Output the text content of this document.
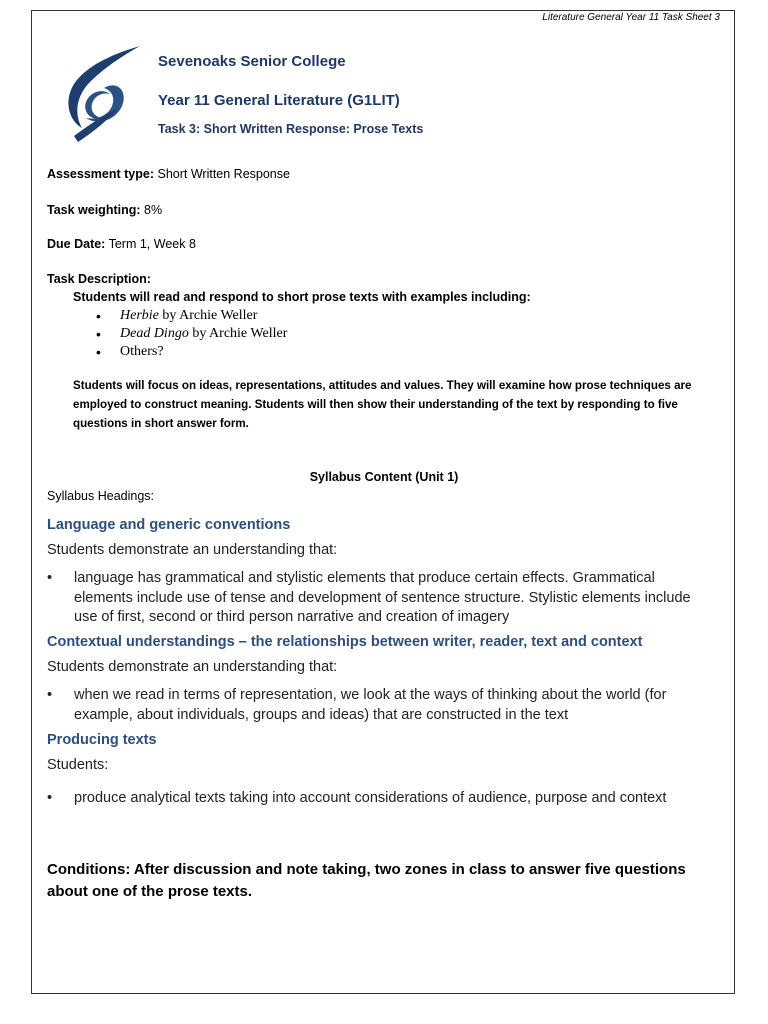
Literature General Year 11 Task Sheet 3
Sevenoaks Senior College
Year 11 General Literature (G1LIT)
Task 3: Short Written Response: Prose Texts
Assessment type: Short Written Response
Task weighting: 8%
Due Date: Term 1, Week 8
Task Description:
Students will read and respond to short prose texts with examples including:
• Herbie by Archie Weller
• Dead Dingo by Archie Weller
• Others?
Students will focus on ideas, representations, attitudes and values. They will examine how prose techniques are employed to construct meaning. Students will then show their understanding of the text by responding to five questions in short answer form.
Syllabus Content (Unit 1)
Syllabus Headings:
Language and generic conventions
Students demonstrate an understanding that:
• language has grammatical and stylistic elements that produce certain effects. Grammatical elements include use of tense and development of sentence structure. Stylistic elements include use of first, second or third person narrative and creation of imagery
Contextual understandings – the relationships between writer, reader, text and context
Students demonstrate an understanding that:
• when we read in terms of representation, we look at the ways of thinking about the world (for example, about individuals, groups and ideas) that are constructed in the text
Producing texts
Students:
• produce analytical texts taking into account considerations of audience, purpose and context
Conditions: After discussion and note taking, two zones in class to answer five questions about one of the prose texts.
